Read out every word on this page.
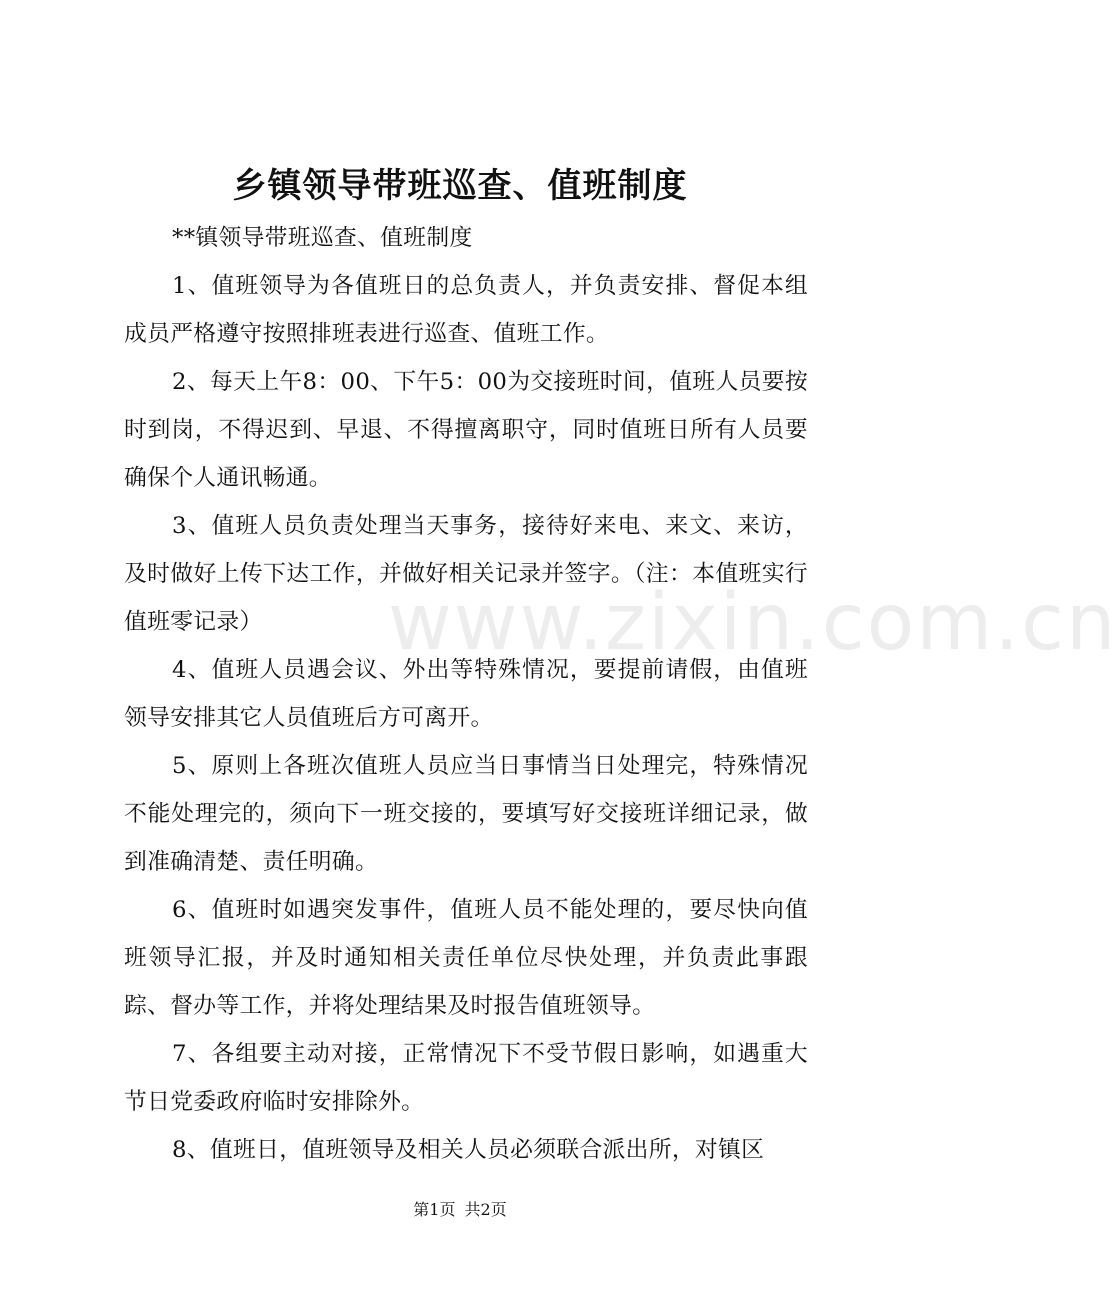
乡镇领导带班巡查、值班制度

**镇领导带班巡查、值班制度

1、值班领导为各值班日的总负责人，并负责安排、督促本组成员严格遵守按照排班表进行巡查、值班工作。

2、每天上午8：00、下午5：00为交接班时间，值班人员要按时到岗，不得迟到、早退、不得擅离职守，同时值班日所有人员要确保个人通讯畅通。

3、值班人员负责处理当天事务，接待好来电、来文、来访，及时做好上传下达工作，并做好相关记录并签字。（注：本值班实行值班零记录）

4、值班人员遇会议、外出等特殊情况，要提前请假，由值班领导安排其它人员值班后方可离开。

5、原则上各班次值班人员应当日事情当日处理完，特殊情况不能处理完的，须向下一班交接的，要填写好交接班详细记录，做到准确清楚、责任明确。

6、值班时如遇突发事件，值班人员不能处理的，要尽快向值班领导汇报，并及时通知相关责任单位尽快处理，并负责此事跟踪、督办等工作，并将处理结果及时报告值班领导。

7、各组要主动对接，正常情况下不受节假日影响，如遇重大节日党委政府临时安排除外。

8、值班日，值班领导及相关人员必须联合派出所，对镇区

www.zixin.com.cn
第1页 共2页
